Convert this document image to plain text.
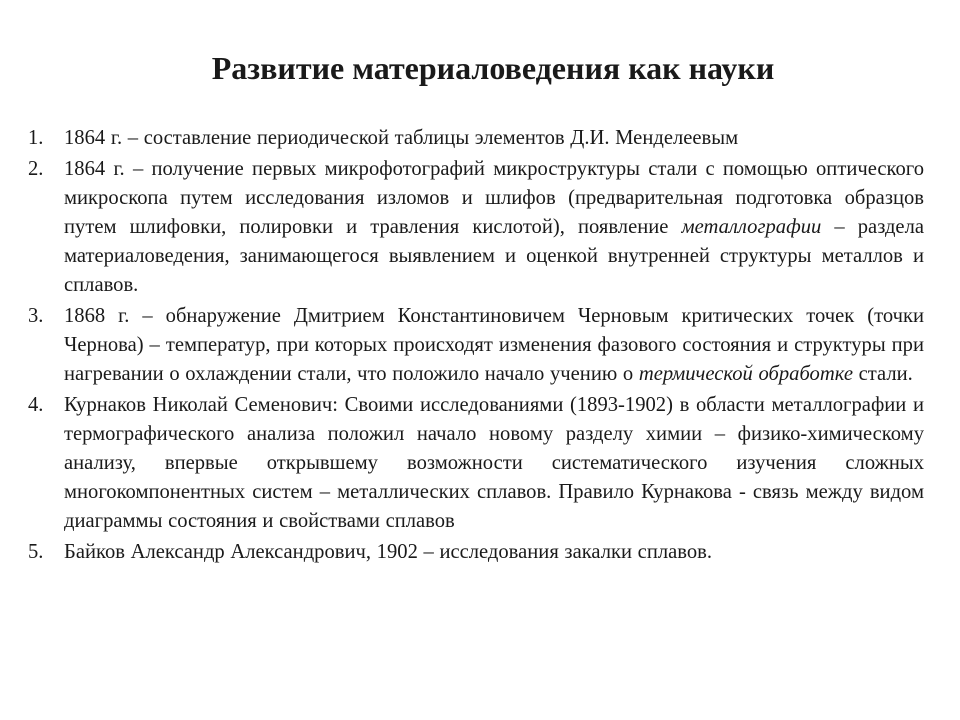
Развитие материаловедения как науки
1. 1864 г. – составление периодической таблицы элементов Д.И. Менделеевым
2. 1864 г. – получение первых микрофотографий микроструктуры стали с помощью оптического микроскопа путем исследования изломов и шлифов (предварительная подготовка образцов путем шлифовки, полировки и травления кислотой), появление металлографии – раздела материаловедения, занимающегося выявлением и оценкой внутренней структуры металлов и сплавов.
3. 1868 г. – обнаружение Дмитрием Константиновичем Черновым критических точек (точки Чернова) – температур, при которых происходят изменения фазового состояния и структуры при нагревании о охлаждении стали, что положило начало учению о термической обработке стали.
4. Курнаков Николай Семенович: Своими исследованиями (1893-1902) в области металлографии и термографического анализа положил начало новому разделу химии – физико-химическому анализу, впервые открывшему возможности систематического изучения сложных многокомпонентных систем – металлических сплавов. Правило Курнакова - связь между видом диаграммы состояния и свойствами сплавов
5. Байков Александр Александрович, 1902 – исследования закалки сплавов.
